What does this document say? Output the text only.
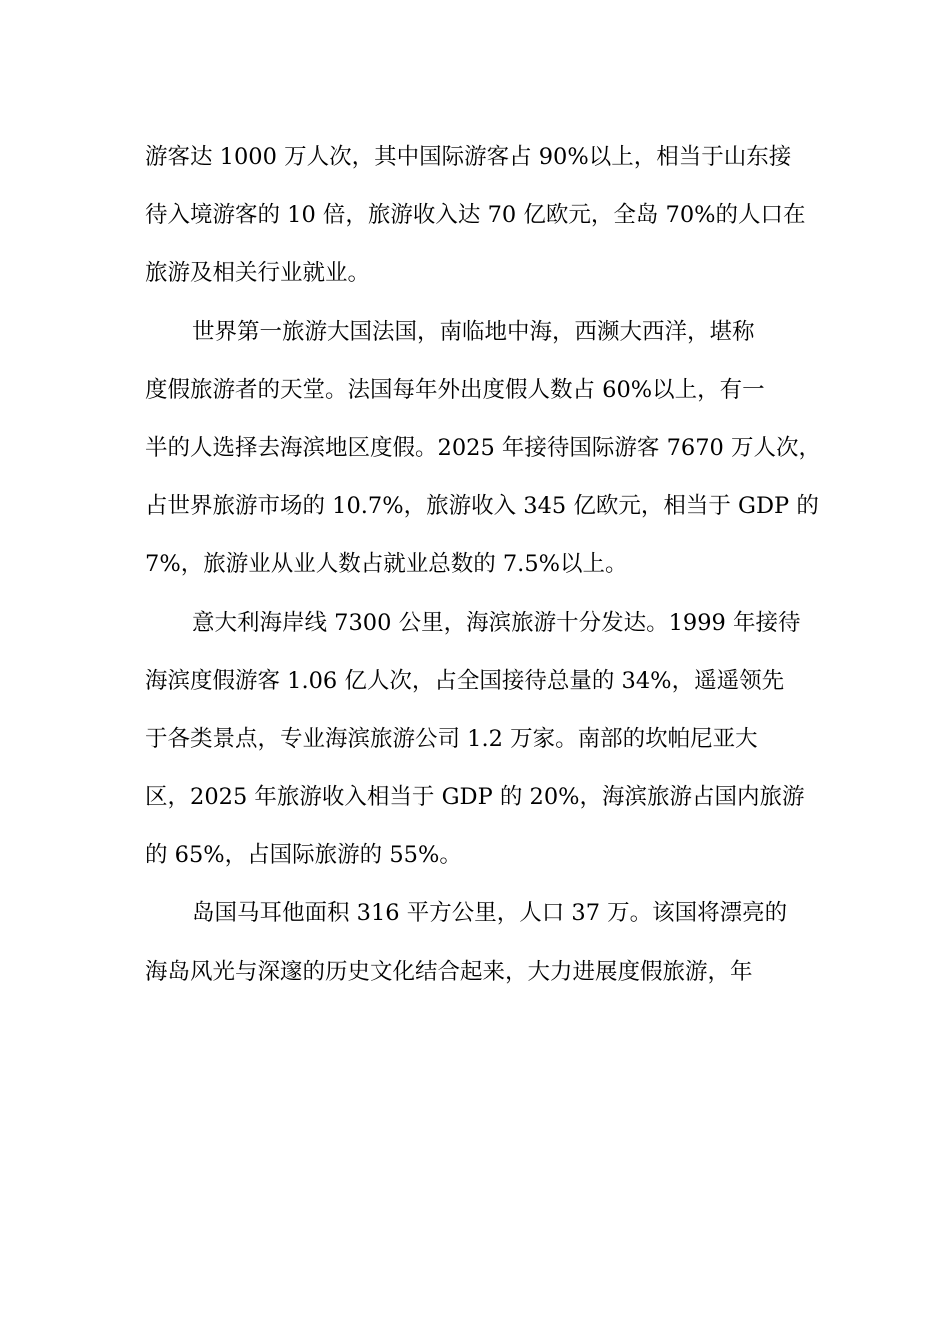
游客达 1000 万人次，其中国际游客占 90%以上，相当于山东接
待入境游客的 10 倍，旅游收入达 70 亿欧元，全岛 70%的人口在
旅游及相关行业就业。
世界第一旅游大国法国，南临地中海，西濒大西洋，堪称
度假旅游者的天堂。法国每年外出度假人数占 60%以上，有一
半的人选择去海滨地区度假。2025 年接待国际游客 7670 万人次，
占世界旅游市场的 10.7%，旅游收入 345 亿欧元，相当于 GDP 的
7%，旅游业从业人数占就业总数的 7.5%以上。
意大利海岸线 7300 公里，海滨旅游十分发达。1999 年接待
海滨度假游客 1.06 亿人次，占全国接待总量的 34%，遥遥领先
于各类景点，专业海滨旅游公司 1.2 万家。南部的坎帕尼亚大
区，2025 年旅游收入相当于 GDP 的 20%，海滨旅游占国内旅游
的 65%，占国际旅游的 55%。
岛国马耳他面积 316 平方公里，人口 37 万。该国将漂亮的
海岛风光与深邃的历史文化结合起来，大力进展度假旅游，年
